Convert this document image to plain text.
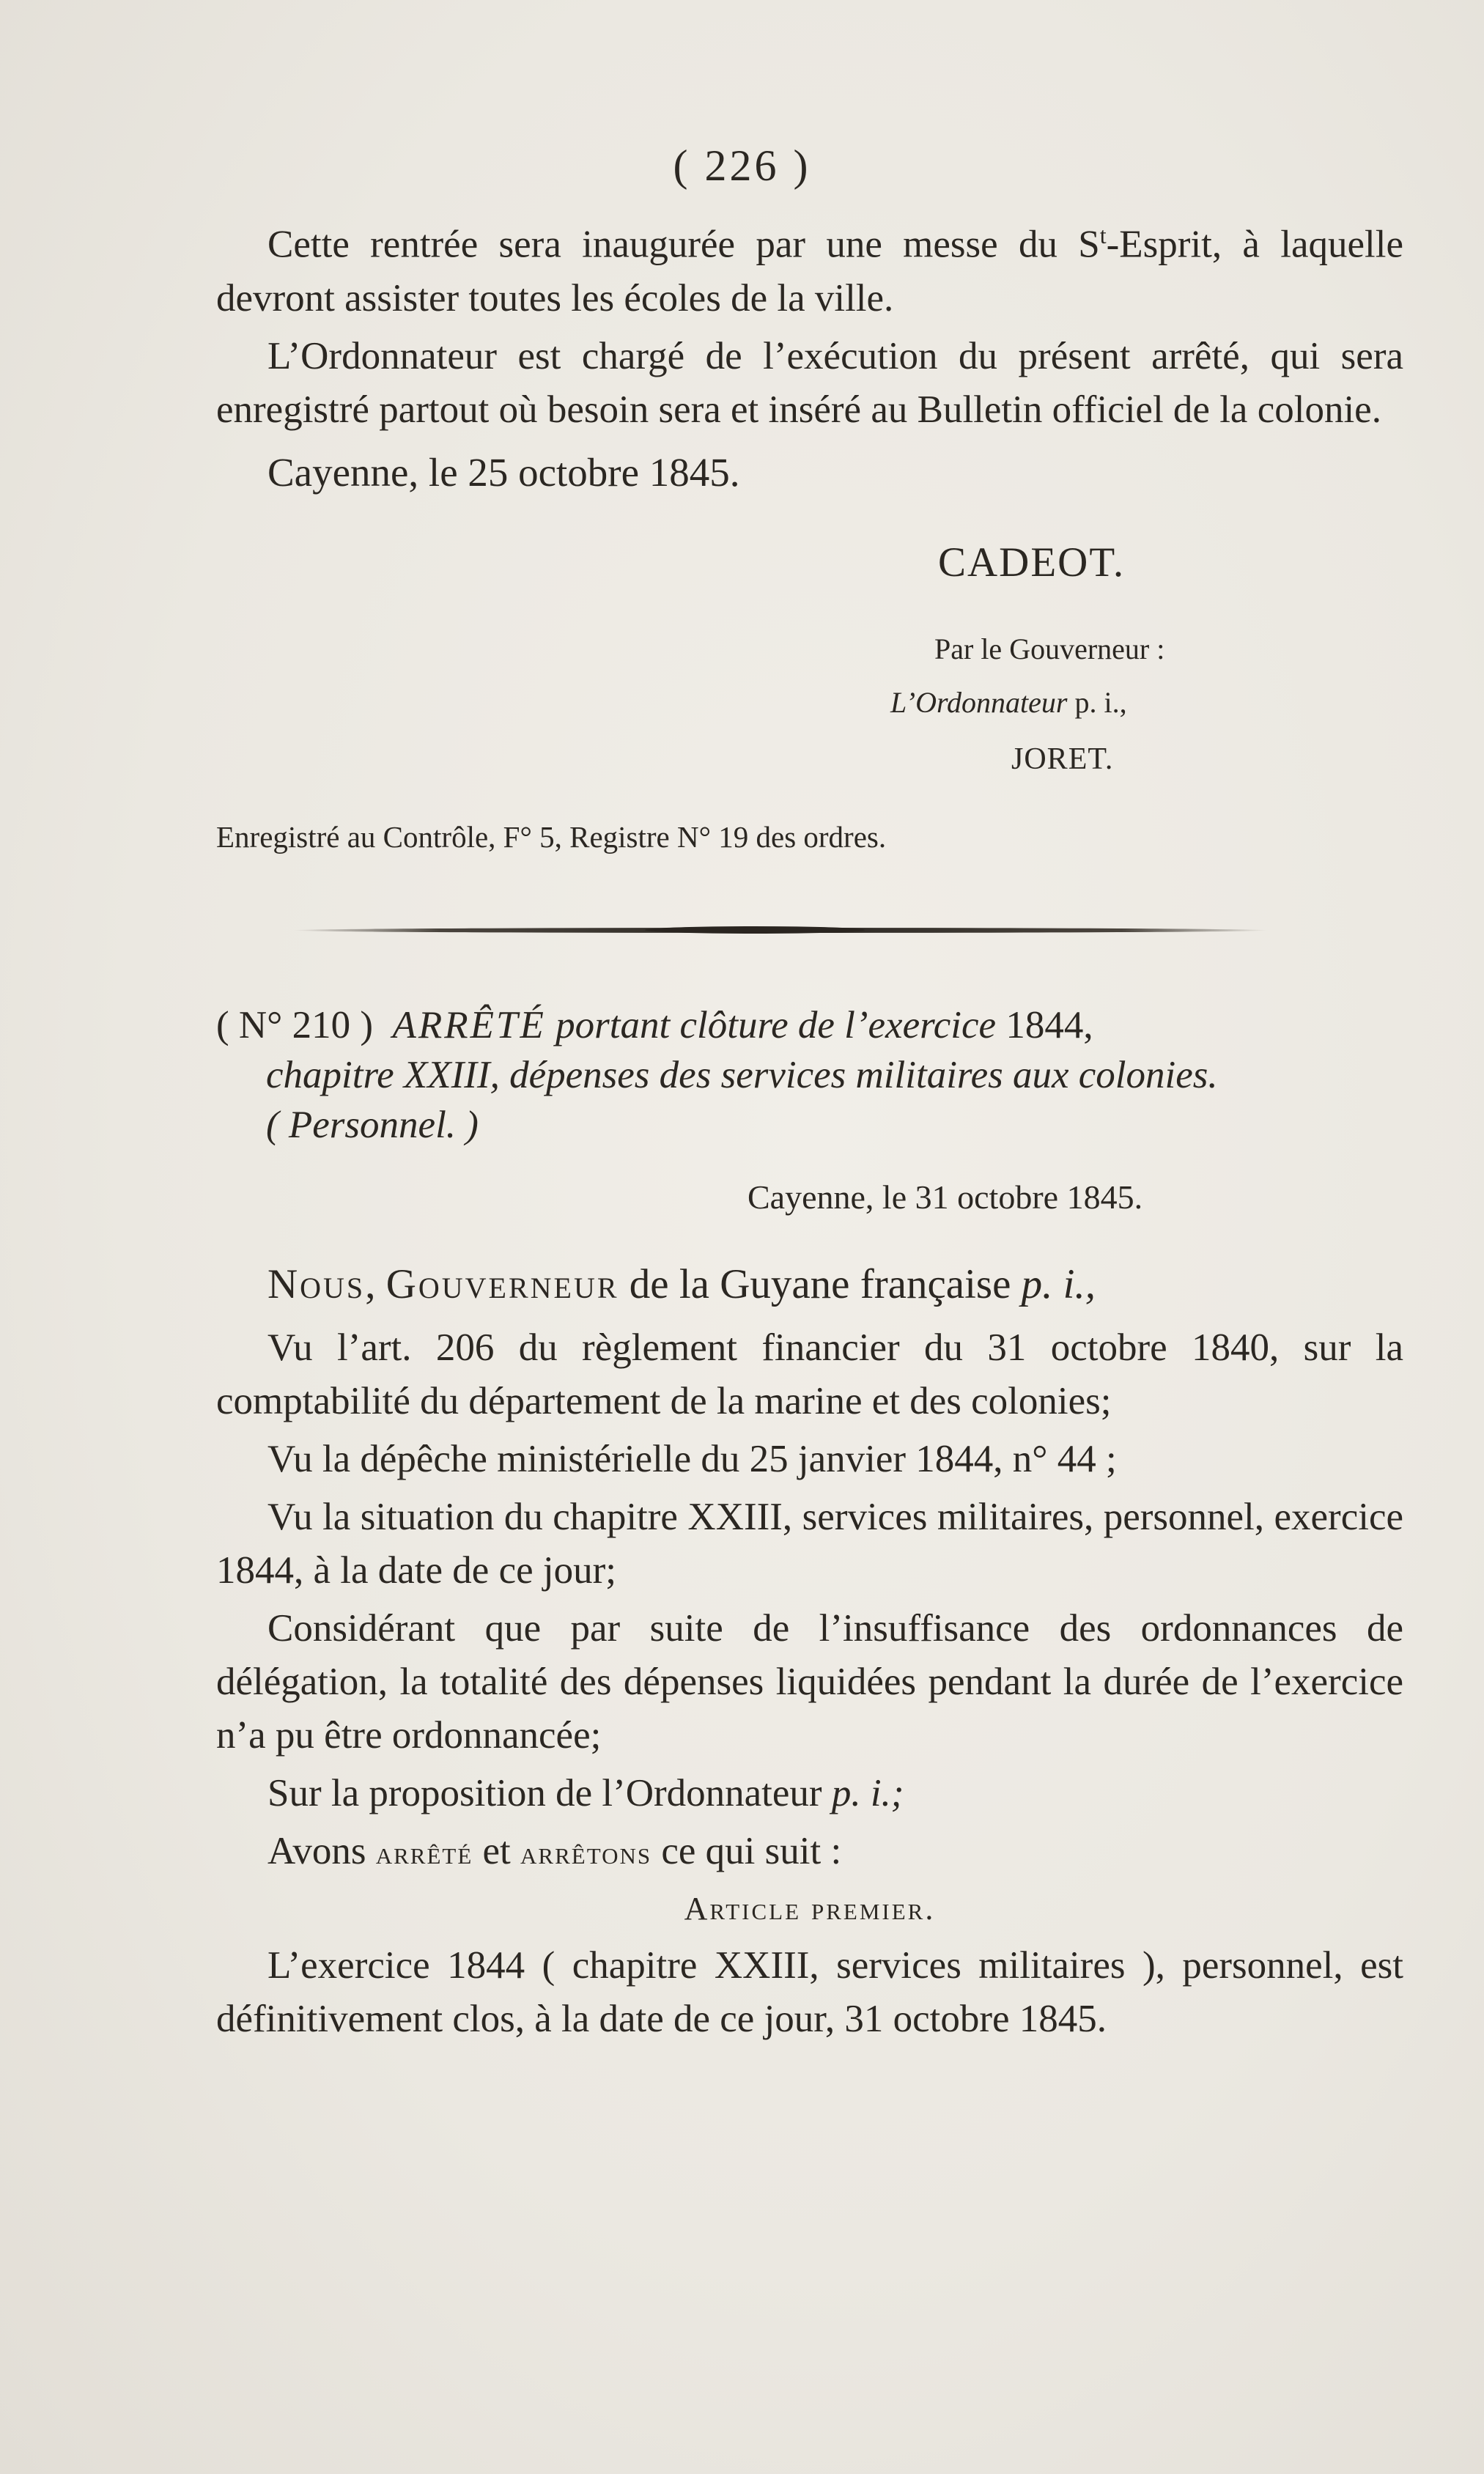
( 226 )

Cette rentrée sera inaugurée par une messe du $S^t$-Esprit, à laquelle devront assister toutes les écoles de la ville.

L’Ordonnateur est chargé de l’exécution du présent arrêté, qui sera enregistré partout où besoin sera et inséré au Bulletin officiel de la colonie.

Cayenne, le 25 octobre 1845.

CADEOT.
Par le Gouverneur :
L’Ordonnateur p. i.,
JORET.
Enregistré au Contrôle, F° 5, Registre N° 19 des ordres.
( N° 210 ) ARRÊTÉ portant clôture de l’exercice 1844,
chapitre XXIII, dépenses des services militaires aux colonies.
( Personnel. )
Cayenne, le 31 octobre 1845.

Nous, Gouverneur de la Guyane française p. i.,

Vu l’art. 206 du règlement financier du 31 octobre 1840, sur la comptabilité du département de la marine et des colonies;

Vu la dépêche ministérielle du 25 janvier 1844, n° 44 ;

Vu la situation du chapitre XXIII, services militaires, personnel, exercice 1844, à la date de ce jour;

Considérant que par suite de l’insuffisance des ordonnances de délégation, la totalité des dépenses liquidées pendant la durée de l’exercice n’a pu être ordonnancée;

Sur la proposition de l’Ordonnateur p. i.;

Avons arrêté et arrêtons ce qui suit :

Article premier.

L’exercice 1844 ( chapitre XXIII, services militaires ), personnel, est définitivement clos, à la date de ce jour, 31 octobre 1845.
